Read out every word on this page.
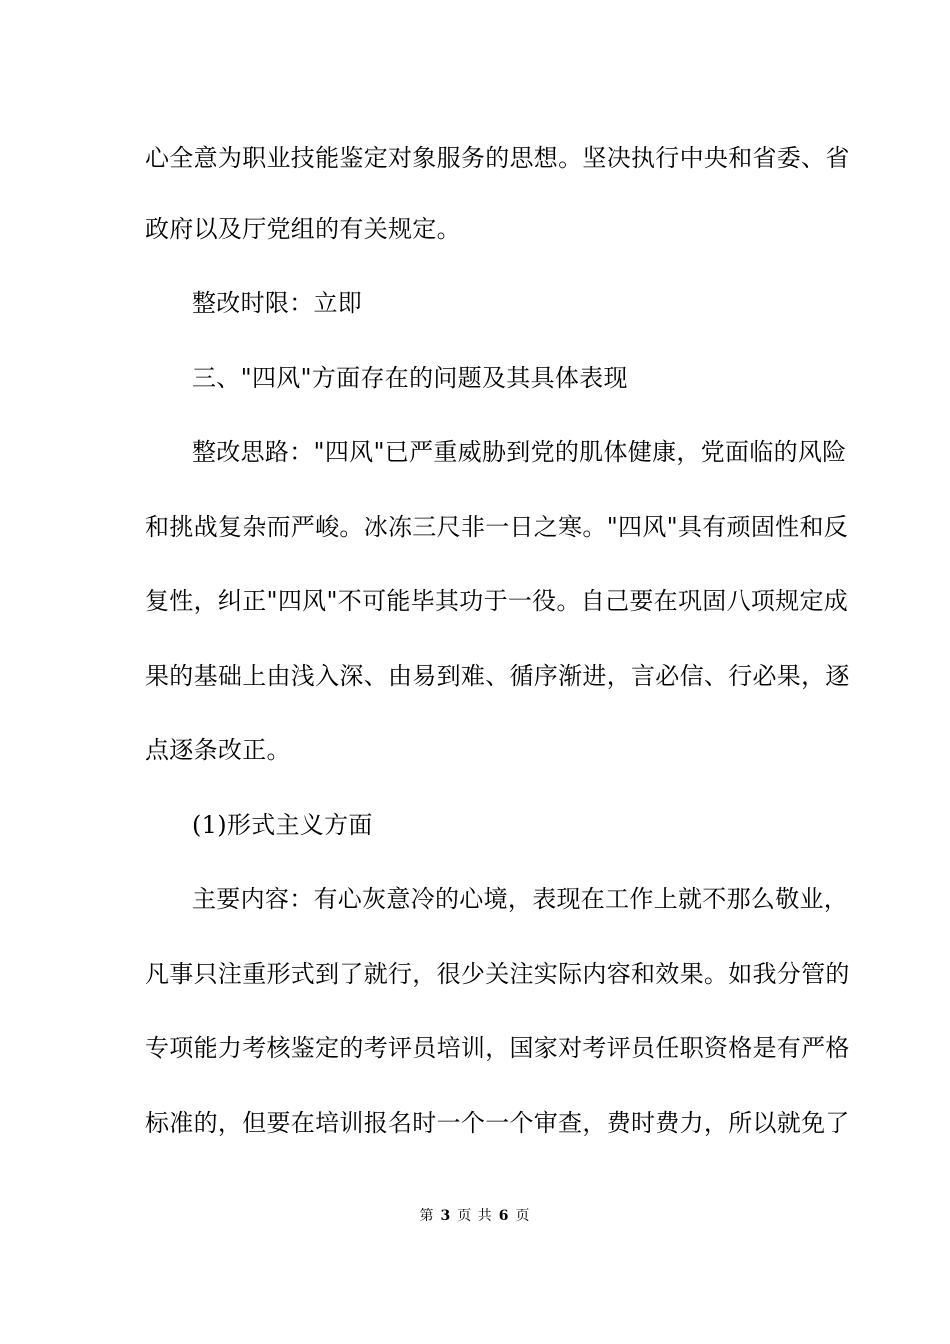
心全意为职业技能鉴定对象服务的思想。坚决执行中央和省委、省
政府以及厅党组的有关规定。
整改时限：立即
三、"四风"方面存在的问题及其具体表现
整改思路："四风"已严重威胁到党的肌体健康，党面临的风险
和挑战复杂而严峻。冰冻三尺非一日之寒。"四风"具有顽固性和反
复性，纠正"四风"不可能毕其功于一役。自己要在巩固八项规定成
果的基础上由浅入深、由易到难、循序渐进，言必信、行必果，逐
点逐条改正。
(1)形式主义方面
主要内容：有心灰意冷的心境，表现在工作上就不那么敬业，
凡事只注重形式到了就行，很少关注实际内容和效果。如我分管的
专项能力考核鉴定的考评员培训，国家对考评员任职资格是有严格
标准的，但要在培训报名时一个一个审查，费时费力，所以就免了
第 3 页 共 6 页
